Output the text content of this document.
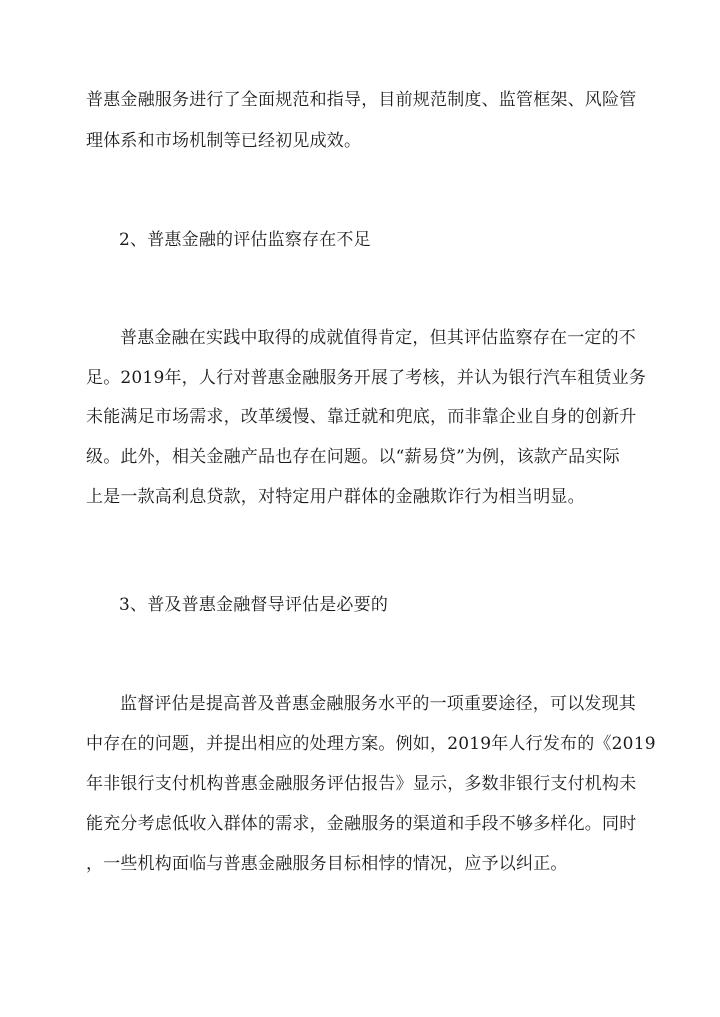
普惠金融服务进行了全面规范和指导，目前规范制度、监管框架、风险管
理体系和市场机制等已经初见成效。
2、普惠金融的评估监察存在不足
普惠金融在实践中取得的成就值得肯定，但其评估监察存在一定的不
足。2019年，人行对普惠金融服务开展了考核，并认为银行汽车租赁业务
未能满足市场需求，改革缓慢、靠迁就和兜底，而非靠企业自身的创新升
级。此外，相关金融产品也存在问题。以“薪易贷”为例，该款产品实际
上是一款高利息贷款，对特定用户群体的金融欺诈行为相当明显。
3、普及普惠金融督导评估是必要的
监督评估是提高普及普惠金融服务水平的一项重要途径，可以发现其
中存在的问题，并提出相应的处理方案。例如，2019年人行发布的《2019
年非银行支付机构普惠金融服务评估报告》显示，多数非银行支付机构未
能充分考虑低收入群体的需求，金融服务的渠道和手段不够多样化。同时
，一些机构面临与普惠金融服务目标相悖的情况，应予以纠正。
